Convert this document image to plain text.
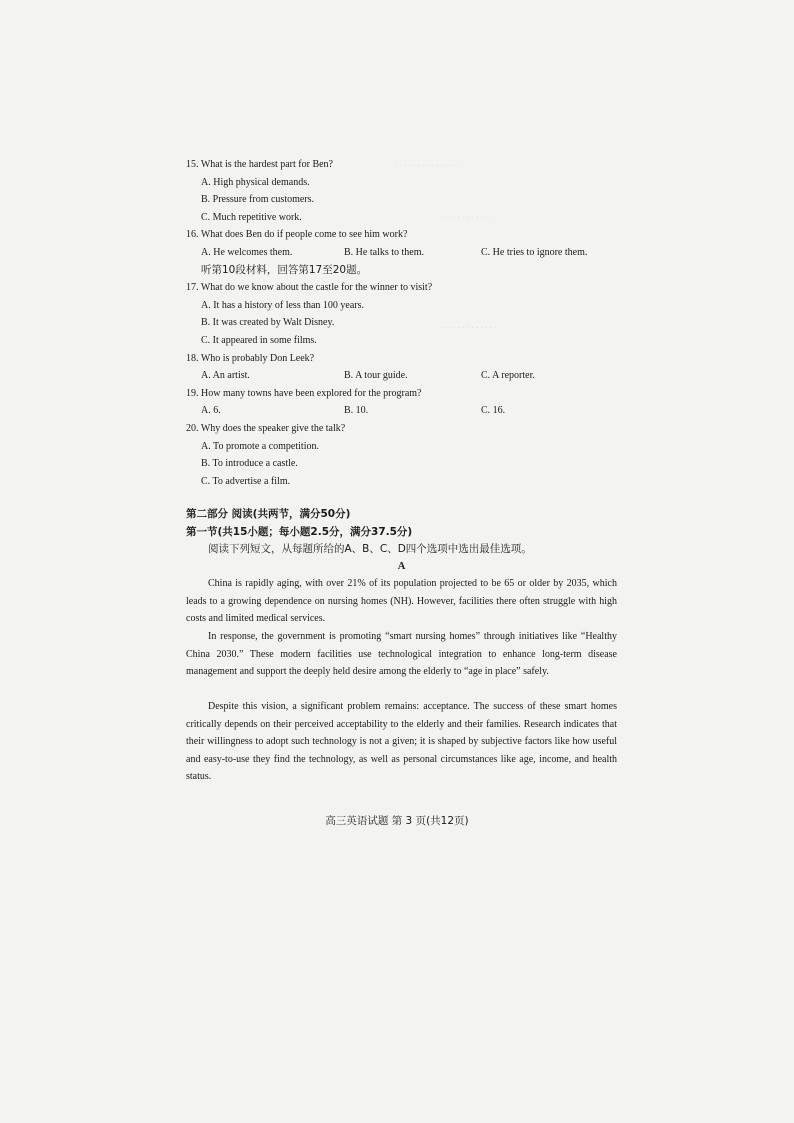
. . . . . . . . . . . . . . .
. . . . . . . . . . . .
. . . . . . . . . . . . .
15. What is the hardest part for Ben?
A. High physical demands.
B. Pressure from customers.
C. Much repetitive work.
16. What does Ben do if people come to see him work?
A. He welcomes them.	B. He talks to them.	C. He tries to ignore them.
听第10段材料，回答第17至20题。
17. What do we know about the castle for the winner to visit?
A. It has a history of less than 100 years.
B. It was created by Walt Disney.
C. It appeared in some films.
18. Who is probably Don Leek?
A. An artist.	B. A tour guide.	C. A reporter.
19. How many towns have been explored for the program?
A. 6.	B. 10.	C. 16.
20. Why does the speaker give the talk?
A. To promote a competition.
B. To introduce a castle.
C. To advertise a film.
第二部分 阅读(共两节，满分50分)
第一节(共15小题；每小题2.5分，满分37.5分)
阅读下列短文，从每题所给的A、B、C、D四个选项中选出最佳选项。
A
China is rapidly aging, with over 21% of its population projected to be 65 or older by 2035, which leads to a growing dependence on nursing homes (NH). However, facilities there often struggle with high costs and limited medical services.
In response, the government is promoting “smart nursing homes” through initiatives like “Healthy China 2030.” These modern facilities use technological integration to enhance long-term disease management and support the deeply held desire among the elderly to “age in place” safely.
Despite this vision, a significant problem remains: acceptance. The success of these smart homes critically depends on their perceived acceptability to the elderly and their families. Research indicates that their willingness to adopt such technology is not a given; it is shaped by subjective factors like how useful and easy-to-use they find the technology, as well as personal circumstances like age, income, and health status.
高三英语试题 第 3 页(共12页)
